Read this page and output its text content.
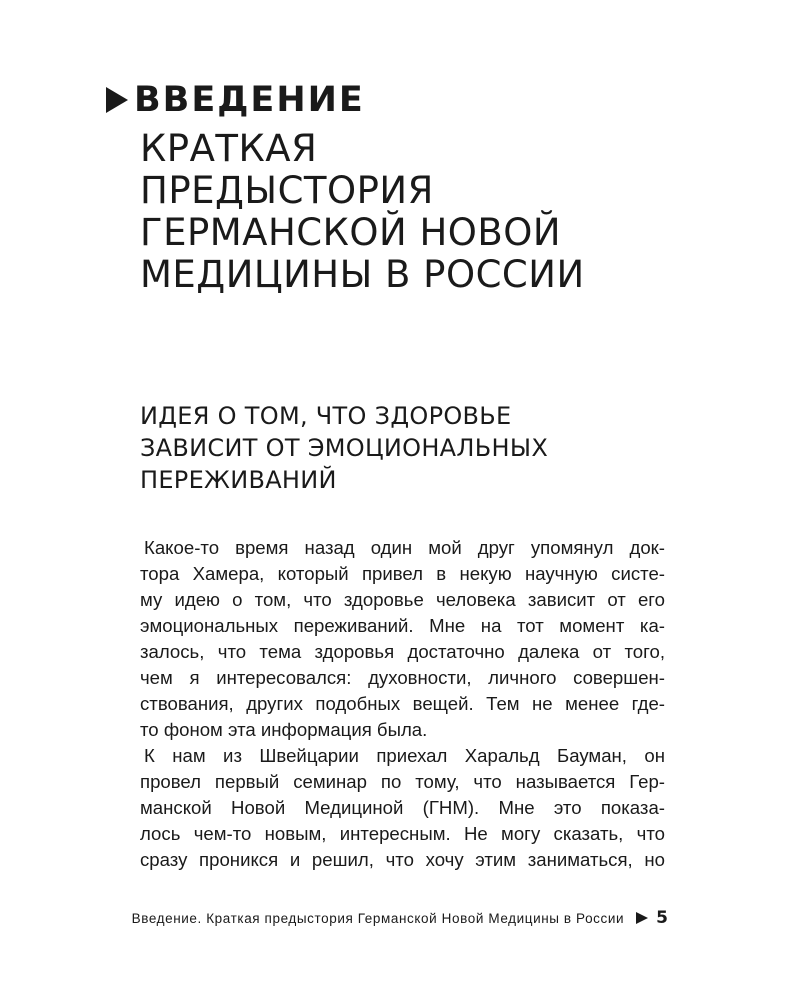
ВВЕДЕНИЕ
КРАТКАЯ
ПРЕДЫСТОРИЯ
ГЕРМАНСКОЙ НОВОЙ
МЕДИЦИНЫ В РОССИИ
ИДЕЯ О ТОМ, ЧТО ЗДОРОВЬЕ
ЗАВИСИТ ОТ ЭМОЦИОНАЛЬНЫХ
ПЕРЕЖИВАНИЙ
Какое-то время назад один мой друг упомянул док-
тора Хамера, который привел в некую научную систе-
му идею о том, что здоровье человека зависит от его
эмоциональных переживаний. Мне на тот момент ка-
залось, что тема здоровья достаточно далека от того,
чем я интересовался: духовности, личного совершен-
ствования, других подобных вещей. Тем не менее где-
то фоном эта информация была.
К нам из Швейцарии приехал Харальд Бауман, он
провел первый семинар по тому, что называется Гер-
манской Новой Медициной (ГНМ). Мне это показа-
лось чем-то новым, интересным. Не могу сказать, что
сразу проникся и решил, что хочу этим заниматься, но
Введение. Краткая предыстория Германской Новой Медицины в России 5
